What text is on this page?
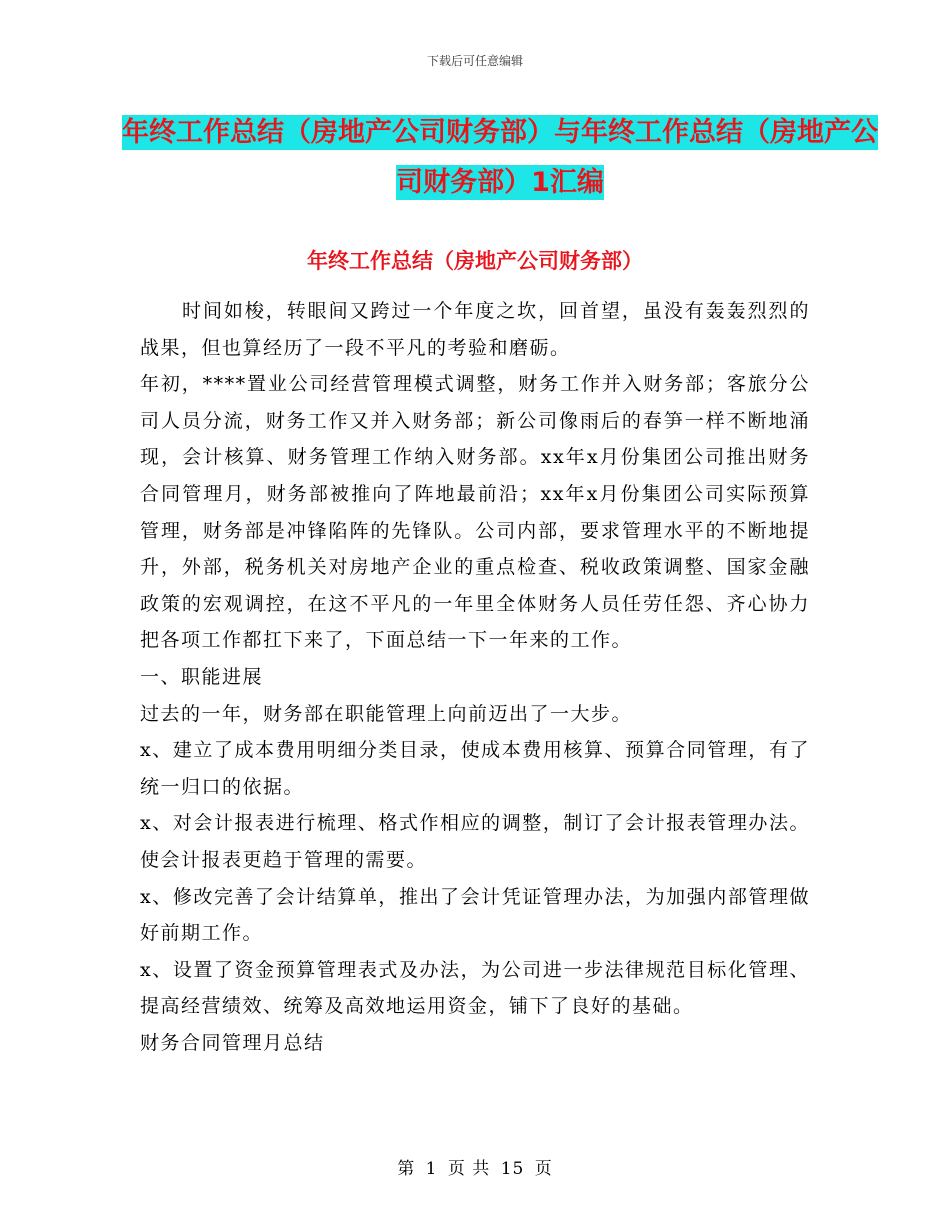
下载后可任意编辑
年终工作总结（房地产公司财务部）与年终工作总结（房地产公司财务部）1汇编
年终工作总结（房地产公司财务部）

时间如梭，转眼间又跨过一个年度之坎，回首望，虽没有轰轰烈烈的战果，但也算经历了一段不平凡的考验和磨砺。

年初，****置业公司经营管理模式调整，财务工作并入财务部；客旅分公司人员分流，财务工作又并入财务部；新公司像雨后的春笋一样不断地涌现，会计核算、财务管理工作纳入财务部。xx年x月份集团公司推出财务合同管理月，财务部被推向了阵地最前沿；xx年x月份集团公司实际预算管理，财务部是冲锋陷阵的先锋队。公司内部，要求管理水平的不断地提升，外部，税务机关对房地产企业的重点检查、税收政策调整、国家金融政策的宏观调控，在这不平凡的一年里全体财务人员任劳任怨、齐心协力把各项工作都扛下来了，下面总结一下一年来的工作。

一、职能进展

过去的一年，财务部在职能管理上向前迈出了一大步。

x、建立了成本费用明细分类目录，使成本费用核算、预算合同管理，有了统一归口的依据。

x、对会计报表进行梳理、格式作相应的调整，制订了会计报表管理办法。使会计报表更趋于管理的需要。

x、修改完善了会计结算单，推出了会计凭证管理办法，为加强内部管理做好前期工作。

x、设置了资金预算管理表式及办法，为公司进一步法律规范目标化管理、提高经营绩效、统筹及高效地运用资金，铺下了良好的基础。

财务合同管理月总结

第 1 页 共 15 页
